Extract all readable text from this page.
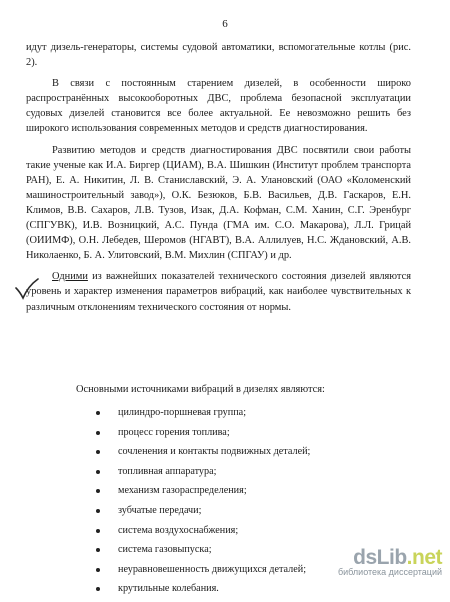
6

идут дизель-генераторы, системы судовой автоматики, вспомогательные котлы (рис. 2).

В связи с постоянным старением дизелей, в особенности широко распространённых высокооборотных ДВС, проблема безопасной эксплуатации судовых дизелей становится все более актуальной. Ее невозможно решить без широкого использования современных методов и средств диагностирования.

Развитию методов и средств диагностирования ДВС посвятили свои работы такие ученые как И.А. Биргер (ЦИАМ), В.А. Шишкин (Институт проблем транспорта РАН), Е. А. Никитин, Л. В. Станиславский, Э. А. Улановский (ОАО «Коломенский машиностроительный завод»), О.К. Безюков, Б.В. Васильев, Д.В. Гаскаров, Е.Н. Климов, В.В. Сахаров, Л.В. Тузов, Изак, Д.А. Кофман, С.М. Ханин, С.Г. Эренбург (СПГУВК), И.В. Возницкий, А.С. Пунда (ГМА им. С.О. Макарова), Л.Л. Грицай (ОИИМФ), О.Н. Лебедев, Шеромов (НГАВТ), В.А. Аллилуев, Н.С. Ждановский, А.В. Николаенко, Б. А. Улитовский, В.М. Михлин (СПГАУ) и др.

Одними из важнейших показателей технического состояния дизелей являются уровень и характер изменения параметров вибраций, как наиболее чувствительных к различным отклонениям технического состояния от нормы.

Основными источниками вибраций в дизелях являются:
цилиндро-поршневая группа;
процесс горения топлива;
сочленения и контакты подвижных деталей;
топливная аппаратура;
механизм газораспределения;
зубчатые передачи;
система воздухоснабжения;
система газовыпуска;
неуравновешенность движущихся деталей;
крутильные колебания.
dsLib.net
библиотека диссертаций
